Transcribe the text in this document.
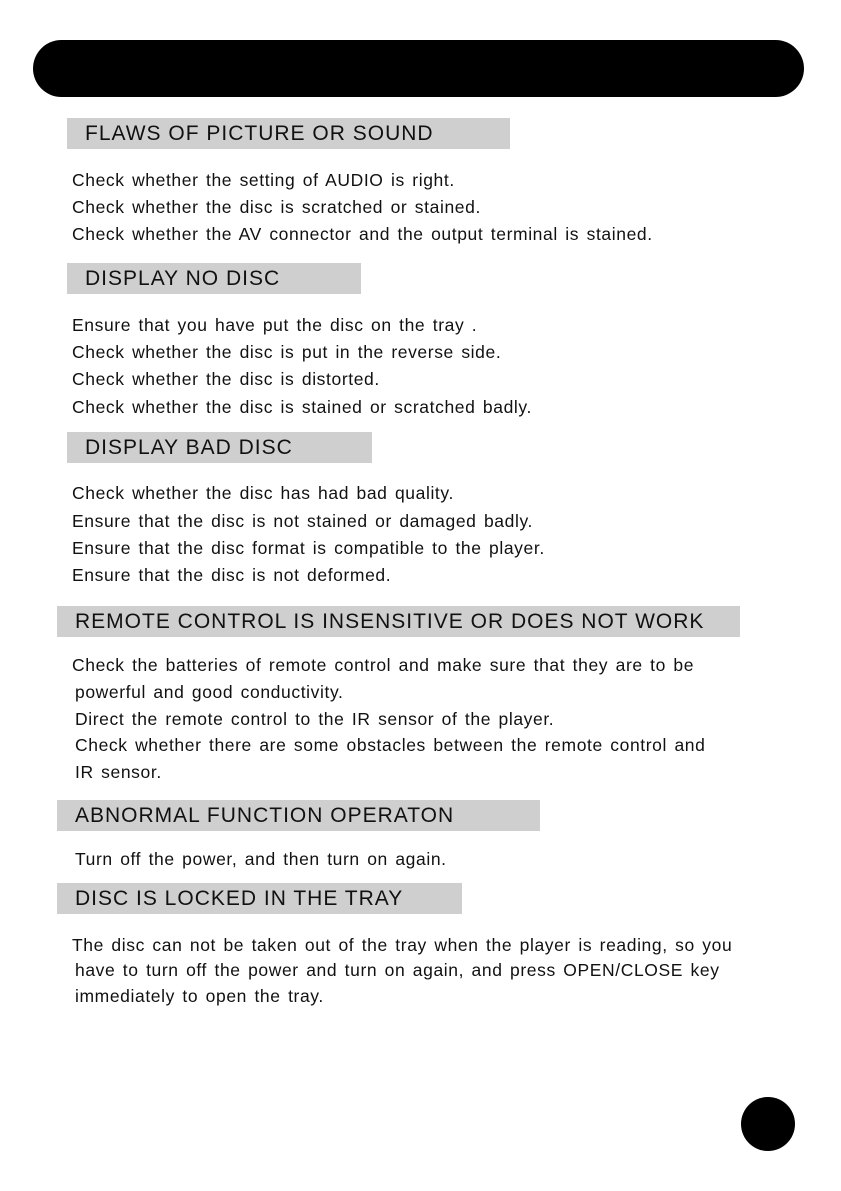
FLAWS OF PICTURE OR SOUND
Check whether the setting of AUDIO is right.
Check whether the disc is scratched or stained.
Check whether the AV connector and the output terminal is stained.
DISPLAY NO DISC
Ensure that you have put the disc on the tray .
Check whether the disc is put in the reverse side.
Check whether the disc is distorted.
Check whether the disc is stained or scratched badly.
DISPLAY BAD DISC
Check whether the disc has had bad quality.
Ensure that the disc is not stained or damaged badly.
Ensure that the disc format is compatible to the player.
Ensure that the disc is not deformed.
REMOTE CONTROL IS INSENSITIVE OR DOES NOT WORK
Check the batteries of remote control and make sure that they are to be
powerful and good conductivity.
Direct the remote control to the IR sensor of the player.
Check whether there are some obstacles between the remote control and
IR sensor.
ABNORMAL FUNCTION OPERATON
Turn off the power, and then turn on again.
DISC IS LOCKED IN THE TRAY
The disc can not be taken out of the tray when the player is reading, so you
have to turn off the power and turn on again, and press OPEN/CLOSE key
immediately to open the tray.
